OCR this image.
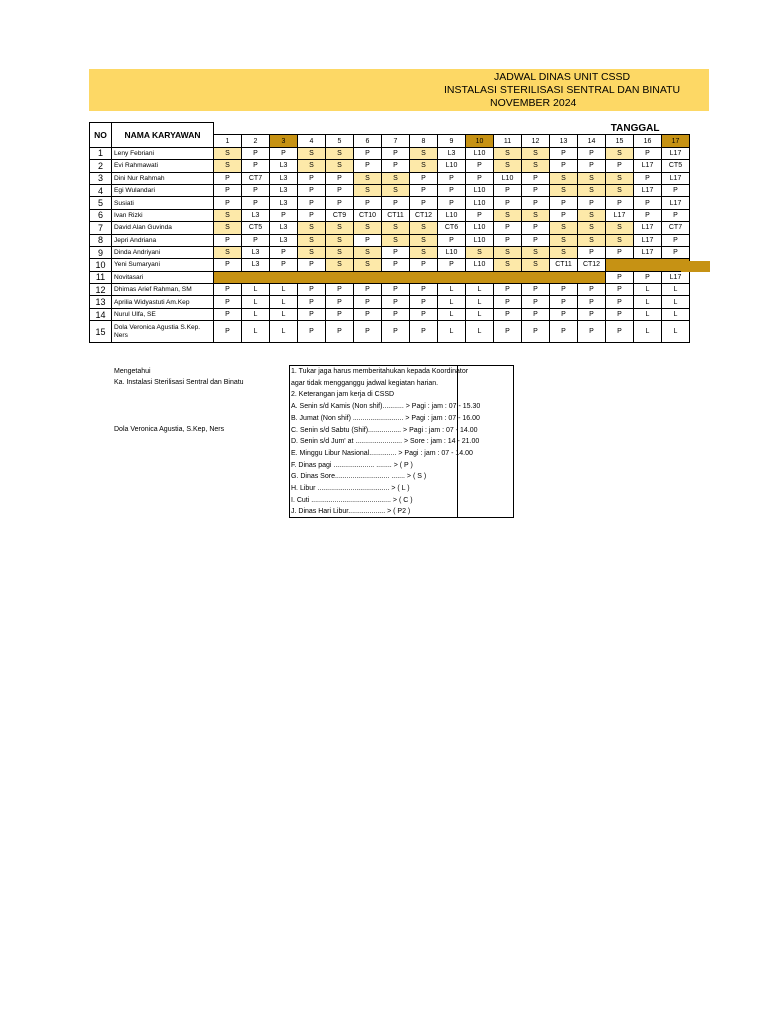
JADWAL DINAS UNIT CSSD
INSTALASI STERILISASI SENTRAL DAN BINATU
NOVEMBER 2024
NO	NAMA KARYAWAN	TANGGAL																
		1	2	3	4	5	6	7	8	9	10	11	12	13	14	15	16	17
1	Leny Febriani	S	P	P	S	S	P	P	S	L3	L10	S	S	P	P	S	P	L17
2	Evi Rahmawati	S	P	L3	S	S	P	P	S	L10	P	S	S	P	P	P	L17	CT5
3	Dini Nur Rahmah	P	CT7	L3	P	P	S	S	P	P	P	L10	P	S	S	S	P	L17
4	Egi Wulandari	P	P	L3	P	P	S	S	P	P	L10	P	P	S	S	S	L17	P
5	Susiati	P	P	L3	P	P	P	P	P	P	L10	P	P	P	P	P	P	L17
6	Ivan Rizki	S	L3	P	P	CT9	CT10	CT11	CT12	L10	P	S	S	P	S	L17	P	P
7	David Alan Guvinda	S	CT5	L3	S	S	S	S	S	CT6	L10	P	P	S	S	S	L17	CT7
8	Jepri Andriana	P	P	L3	S	S	P	S	S	P	L10	P	P	S	S	S	L17	P
9	Dinda Andriyani	S	L3	P	S	S	S	P	S	L10	S	S	S	S	P	P	L17	P
10	Yeni Sumaryani	P	L3	P	P	S	S	P	P	P	L10	S	S	CT11	CT12			
11	Novitasari															P	P	L17
12	Dhimas Arief Rahman, SM	P	L	L	P	P	P	P	P	L	L	P	P	P	P	P	L	L
13	Aprilia Widyastuti Am.Kep	P	L	L	P	P	P	P	P	L	L	P	P	P	P	P	L	L
14	Nurul Ulfa, SE	P	L	L	P	P	P	P	P	L	L	P	P	P	P	P	L	L
15	Dola Veronica Agustia S.Kep. Ners	P	L	L	P	P	P	P	P	L	L	P	P	P	P	P	L	L
Mengetahui
Ka. Instalasi Sterilisasi Sentral dan Binatu
Dola Veronica Agustia, S.Kep, Ners
1. Tukar jaga harus memberitahukan kepada Koordinator
agar tidak mengganggu jadwal kegiatan harian.
2. Keterangan jam kerja di CSSD
A. Senin s/d Kamis (Non shif)........... > Pagi : jam : 07 - 15.30
B. Jumat (Non shif) .......................... > Pagi : jam : 07 - 16.00
C. Senin s/d Sabtu (Shif)................. > Pagi : jam : 07 - 14.00
D. Senin s/d Jum' at ........................ > Sore : jam : 14 - 21.00
E. Minggu Libur Nasional.............. > Pagi : jam : 07 - 14.00
F. Dinas pagi ..................... ........ > ( P )
G. Dinas Sore............................ ....... > ( S )
H. Libur ..................................... > ( L )
I. Cuti ......................................... > ( C )
J. Dinas Hari Libur................... > ( P2 )
